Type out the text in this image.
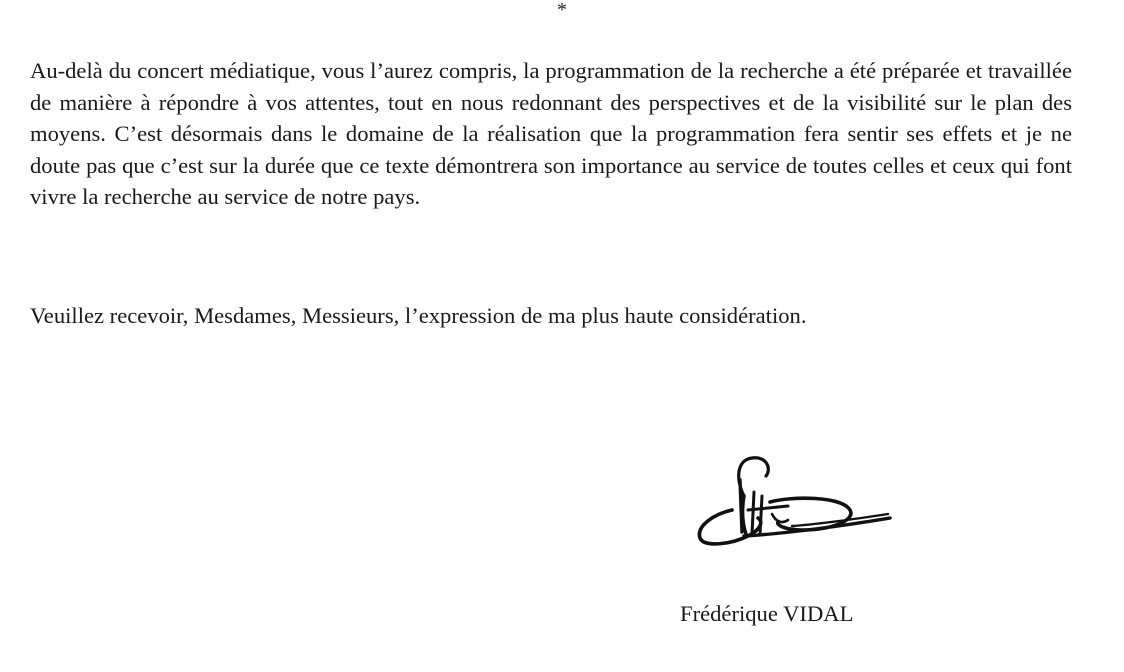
*

Au-delà du concert médiatique, vous l’aurez compris, la programmation de la recherche a été préparée et travaillée de manière à répondre à vos attentes, tout en nous redonnant des perspectives et de la visibilité sur le plan des moyens. C’est désormais dans le domaine de la réalisation que la programmation fera sentir ses effets et je ne doute pas que c’est sur la durée que ce texte démontrera son importance au service de toutes celles et ceux qui font vivre la recherche au service de notre pays.

Veuillez recevoir, Mesdames, Messieurs, l’expression de ma plus haute considération.

Frédérique VIDAL
